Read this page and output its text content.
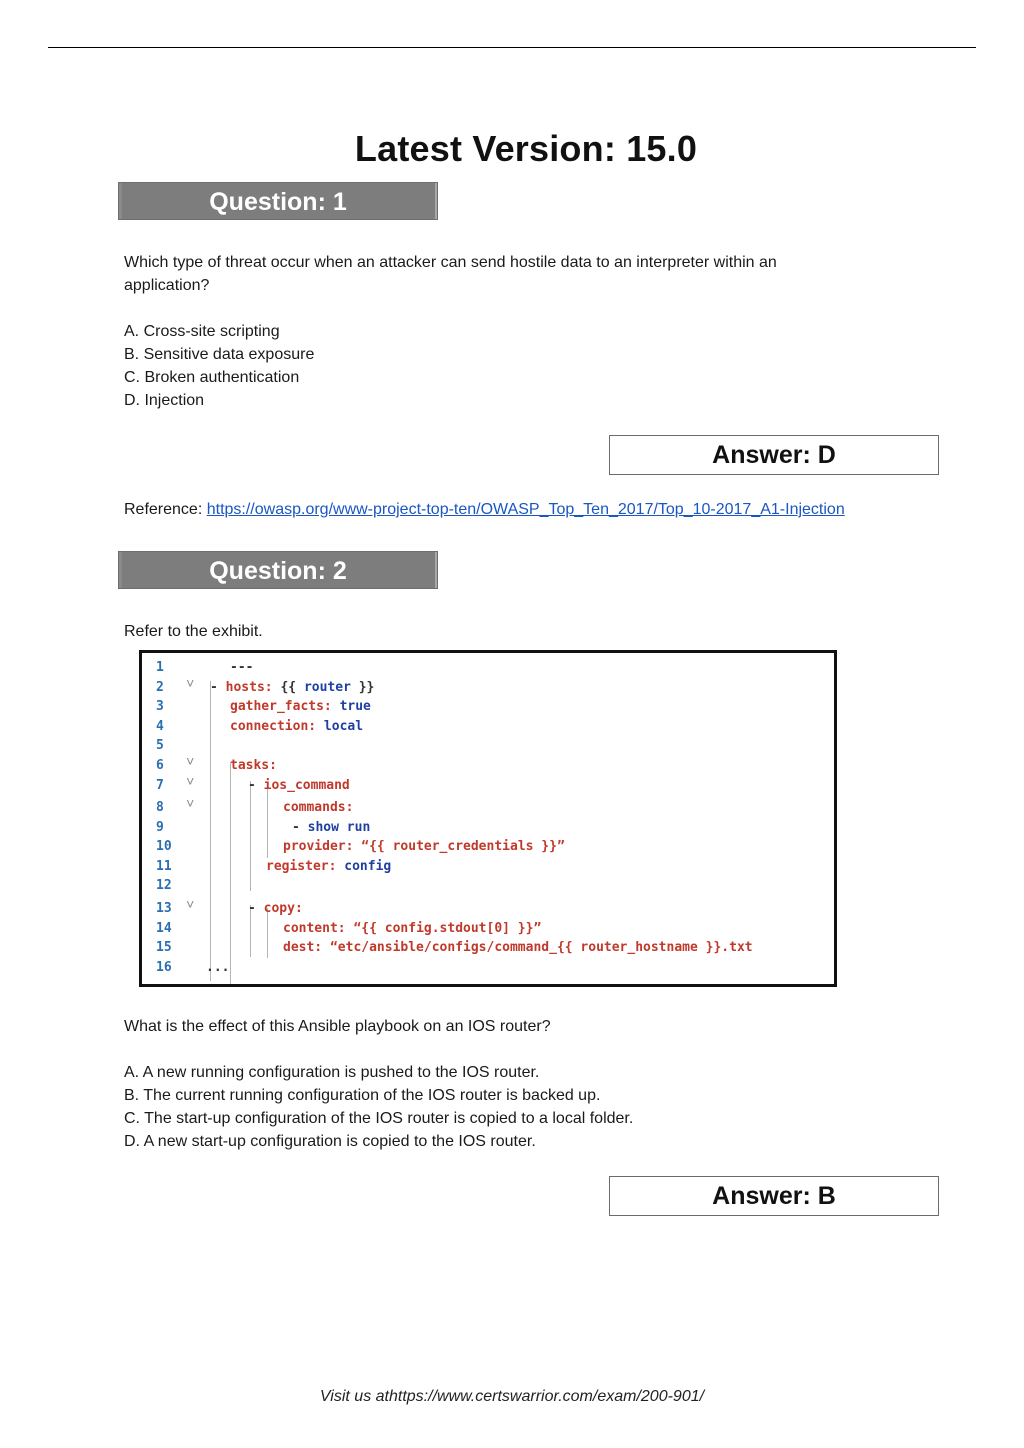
Latest Version: 15.0
Question: 1
Which type of threat occur when an attacker can send hostile data to an interpreter within an
application?
A. Cross-site scripting
B. Sensitive data exposure
C. Broken authentication
D. Injection
Answer: D
Reference: https://owasp.org/www-project-top-ten/OWASP_Top_Ten_2017/Top_10-2017_A1-Injection
Question: 2
Refer to the exhibit.
1	---
2 ˅ - hosts: {{ router }}
3	gather_facts: true
4	connection: local
5
6 ˅	tasks:
7 ˅	- ios_command
8 ˅	commands:
9	- show run
10	provider: “{{ router_credentials }}”
11	register: config
12
13 ˅	- copy:
14	content: “{{ config.stdout[0] }}”
15	dest: “etc/ansible/configs/command_{{ router_hostname }}.txt
16	...
What is the effect of this Ansible playbook on an IOS router?
A. A new running configuration is pushed to the IOS router.
B. The current running configuration of the IOS router is backed up.
C. The start-up configuration of the IOS router is copied to a local folder.
D. A new start-up configuration is copied to the IOS router.
Answer: B
Visit us athttps://www.certswarrior.com/exam/200-901/
